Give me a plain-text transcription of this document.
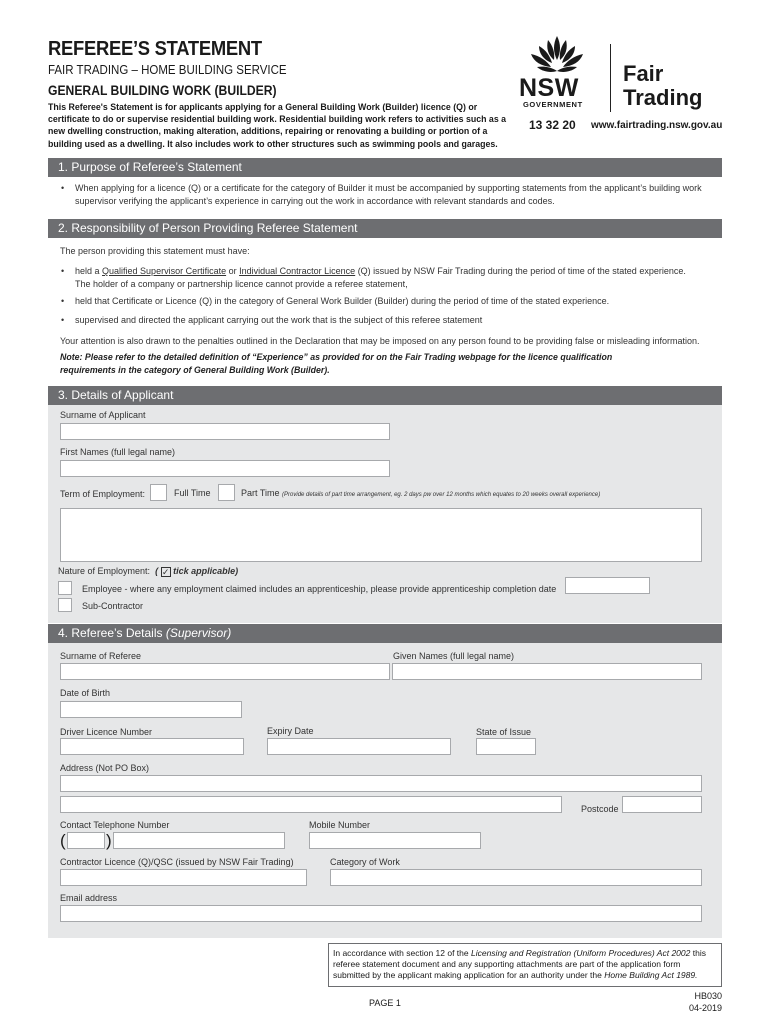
REFEREE’S STATEMENT
FAIR TRADING – HOME BUILDING SERVICE
GENERAL BUILDING WORK (BUILDER)
This Referee's Statement is for applicants applying for a General Building Work (Builder) licence (Q) or certificate to do or supervise residential building work. Residential building work refers to activities such as a new dwelling construction, making alteration, additions, repairing or renovating a building or portion of a building used as a dwelling. It also includes work to other structures such as swimming pools and garages.
NSW
GOVERNMENT
Fair
Trading
13 32 20 www.fairtrading.nsw.gov.au
1. Purpose of Referee’s Statement
• When applying for a licence (Q) or a certificate for the category of Builder it must be accompanied by supporting statements from the applicant’s building work supervisor verifying the applicant’s experience in carrying out the work in accordance with relevant standards and codes.
2. Responsibility of Person Providing Referee Statement
The person providing this statement must have:
• held a Qualified Supervisor Certificate or Individual Contractor Licence (Q) issued by NSW Fair Trading during the period of time of the stated experience.
The holder of a company or partnership licence cannot provide a referee statement,
• held that Certificate or Licence (Q) in the category of General Work Builder (Builder) during the period of time of the stated experience.
• supervised and directed the applicant carrying out the work that is the subject of this referee statement
Your attention is also drawn to the penalties outlined in the Declaration that may be imposed on any person found to be providing false or misleading information.
Note: Please refer to the detailed definition of “Experience” as provided for on the Fair Trading webpage for the licence qualification
requirements in the category of General Building Work (Builder).
3. Details of Applicant
Surname of Applicant
First Names (full legal name)
Term of Employment:	Full Time	Part Time (Provide details of part time arrangement, eg. 2 days pw over 12 months which equates to 20 weeks overall experience)
Nature of Employment: ( ✓ tick applicable)
Employee - where any employment claimed includes an apprenticeship, please provide apprenticeship completion date
Sub-Contractor
4. Referee’s Details (Supervisor)
Surname of Referee	Given Names (full legal name)
Date of Birth
Driver Licence Number	Expiry Date	State of Issue
Address (Not PO Box)
Postcode
Contact Telephone Number
( )
Mobile Number
Contractor Licence (Q)/QSC (issued by NSW Fair Trading)	Category of Work
Email address
In accordance with section 12 of the Licensing and Registration (Uniform Procedures) Act 2002 this referee statement document and any supporting attachments are part of the application form submitted by the applicant making application for an authority under the Home Building Act 1989.
PAGE 1
HB030
04-2019
